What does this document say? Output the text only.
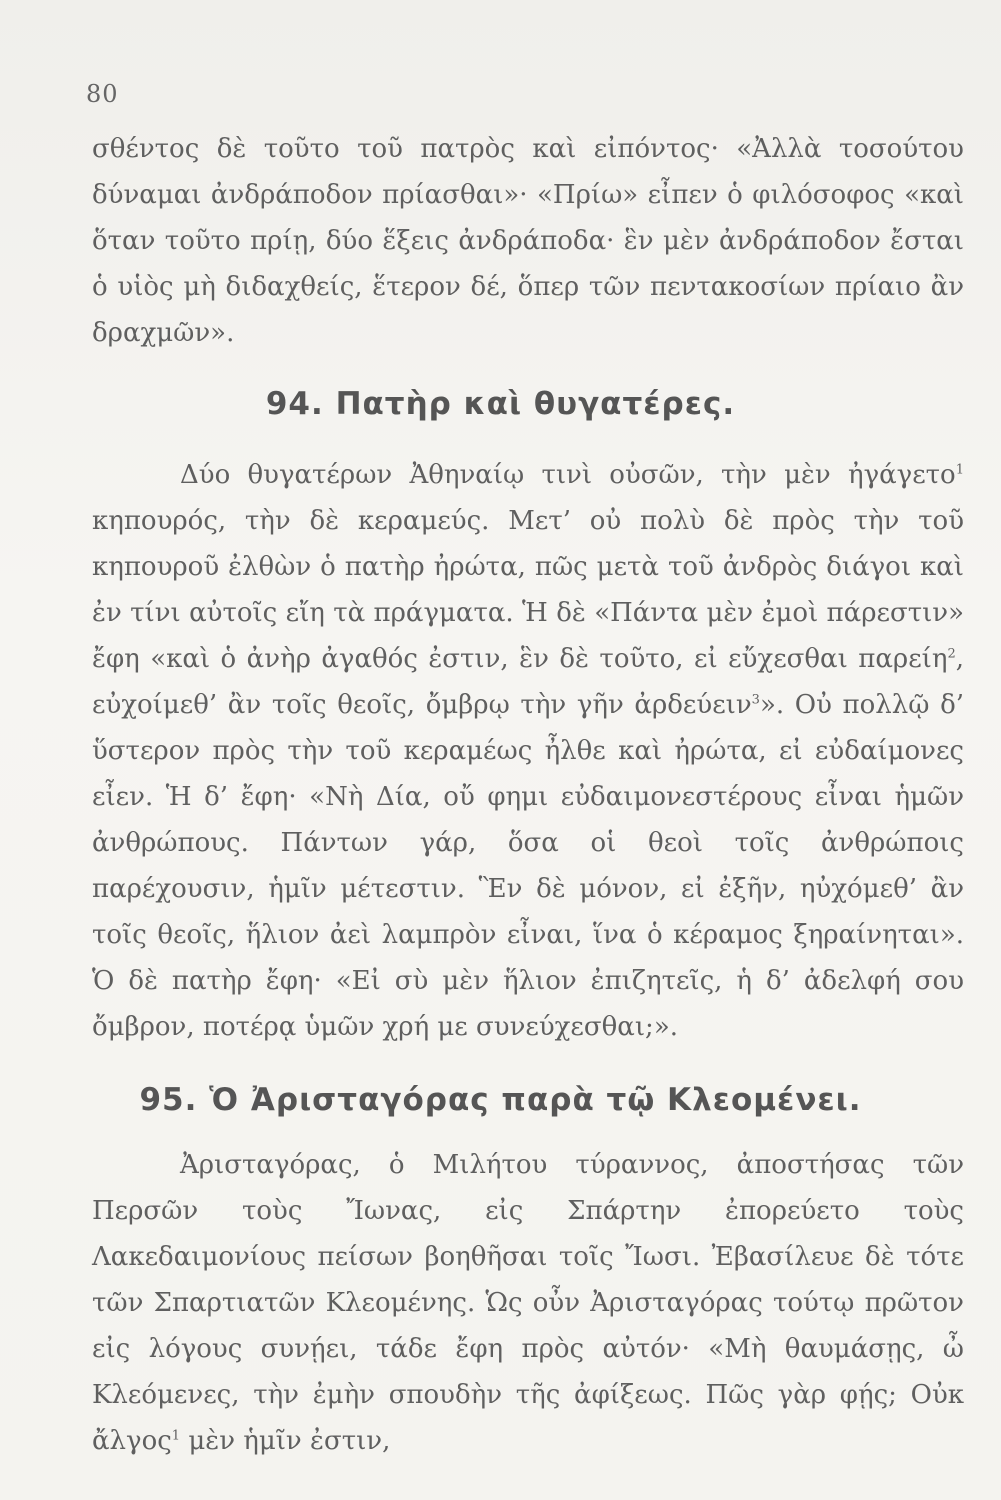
80

σθέντος δὲ τοῦτο τοῦ πατρὸς καὶ εἰπόντος· «Ἀλλὰ τοσούτου δύναμαι ἀνδράποδον πρίασθαι»· «Πρίω» εἶπεν ὁ φιλόσοφος «καὶ ὅταν τοῦτο πρίῃ, δύο ἕξεις ἀνδράποδα· ἓν μὲν ἀνδράποδον ἔσται ὁ υἱὸς μὴ διδαχθείς, ἕτερον δέ, ὅπερ τῶν πεντακοσίων πρίαιο ἂν δραχμῶν».

94. Πατὴρ καὶ θυγατέρες.

Δύο θυγατέρων Ἀθηναίῳ τινὶ οὐσῶν, τὴν μὲν ἠγάγετο$^1$ κηπουρός, τὴν δὲ κεραμεύς. Μετ’ οὐ πολὺ δὲ πρὸς τὴν τοῦ κηπουροῦ ἐλθὼν ὁ πατὴρ ἠρώτα, πῶς μετὰ τοῦ ἀνδρὸς διάγοι καὶ ἐν τίνι αὐτοῖς εἴη τὰ πράγματα. Ἡ δὲ «Πάντα μὲν ἐμοὶ πάρεστιν» ἔφη «καὶ ὁ ἀνὴρ ἀγαθός ἐστιν, ἓν δὲ τοῦτο, εἰ εὔχεσθαι παρείη$^2$, εὐχοίμεθ’ ἂν τοῖς θεοῖς, ὄμβρῳ τὴν γῆν ἀρδεύειν$^3$». Οὐ πολλῷ δ’ ὕστερον πρὸς τὴν τοῦ κεραμέως ἦλθε καὶ ἠρώτα, εἰ εὐδαίμονες εἶεν. Ἡ δ’ ἔφη· «Νὴ Δία, οὔ φημι εὐδαιμονεστέρους εἶναι ἡμῶν ἀνθρώπους. Πάντων γάρ, ὅσα οἱ θεοὶ τοῖς ἀνθρώποις παρέχουσιν, ἡμῖν μέτεστιν. Ἓν δὲ μόνον, εἰ ἐξῆν, ηὐχόμεθ’ ἂν τοῖς θεοῖς, ἥλιον ἀεὶ λαμπρὸν εἶναι, ἵνα ὁ κέραμος ξηραίνηται». Ὁ δὲ πατὴρ ἔφη· «Εἰ σὺ μὲν ἥλιον ἐπιζητεῖς, ἡ δ’ ἀδελφή σου ὄμβρον, ποτέρᾳ ὑμῶν χρή με συνεύχεσθαι;».

95. Ὁ Ἀρισταγόρας παρὰ τῷ Κλεομένει.

Ἀρισταγόρας, ὁ Μιλήτου τύραννος, ἀποστήσας τῶν Περσῶν τοὺς Ἴωνας, εἰς Σπάρτην ἐπορεύετο τοὺς Λακεδαιμονίους πείσων βοηθῆσαι τοῖς Ἴωσι. Ἐβασίλευε δὲ τότε τῶν Σπαρτιατῶν Κλεομένης. Ὡς οὖν Ἀρισταγόρας τούτῳ πρῶτον εἰς λόγους συνῄει, τάδε ἔφη πρὸς αὐτόν· «Μὴ θαυμάσῃς, ὦ Κλεόμενες, τὴν ἐμὴν σπουδὴν τῆς ἀφίξεως. Πῶς γὰρ φῄς; Οὐκ ἄλγος$^1$ μὲν ἡμῖν ἐστιν,
